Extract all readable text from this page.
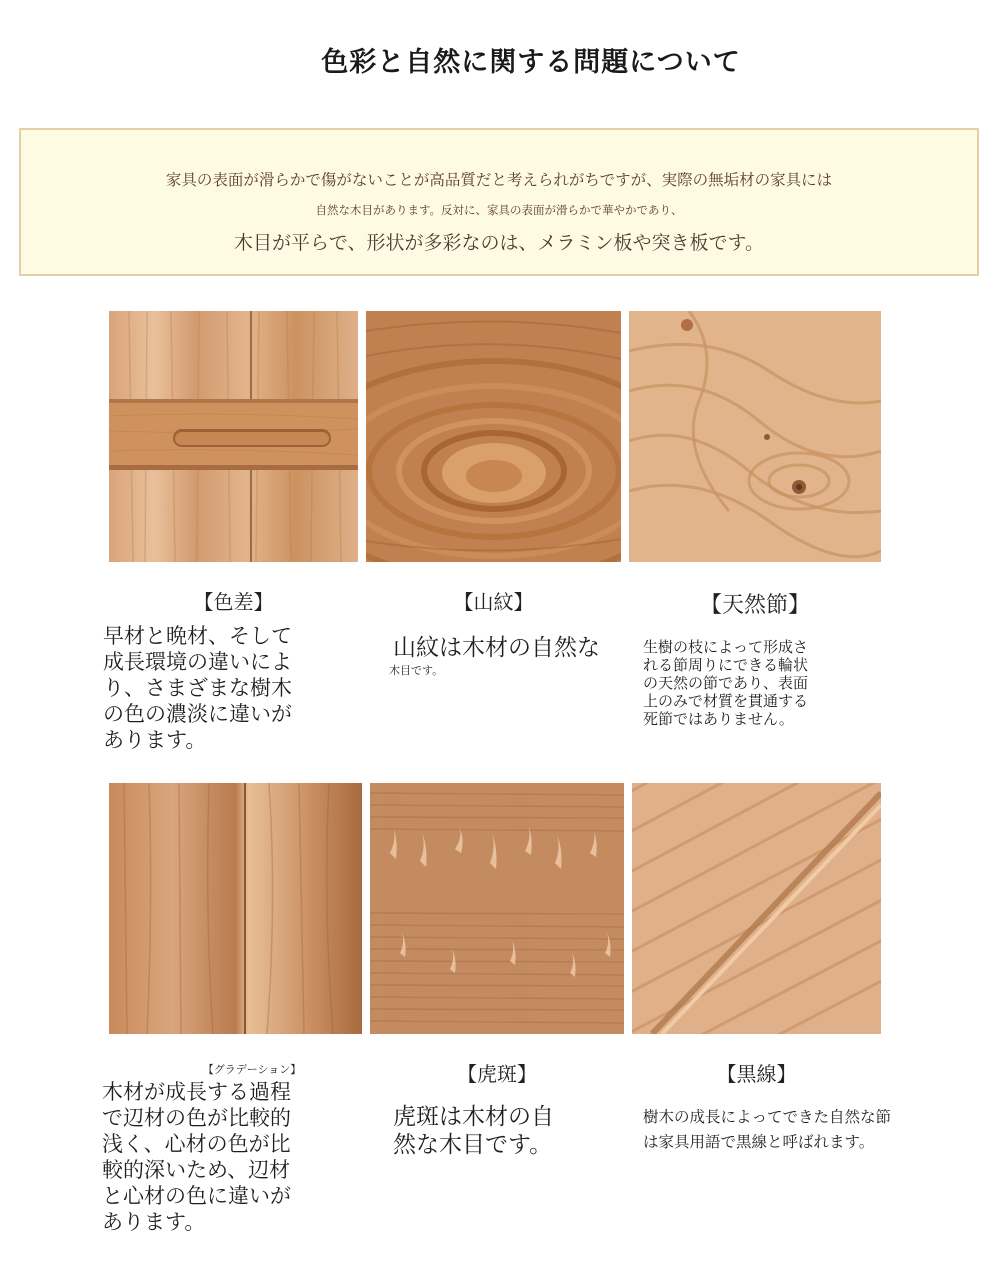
色彩と自然に関する問題について
家具の表面が滑らかで傷がないことが高品質だと考えられがちですが、実際の無垢材の家具には
自然な木目があります。反対に、家具の表面が滑らかで華やかであり、
木目が平らで、形状が多彩なのは、メラミン板や突き板です。
【色差】	【山紋】	【天然節】
早材と晩材、そして
成長環境の違いによ
り、さまざまな樹木
の色の濃淡に違いが
あります。
山紋は木材の自然な
木目です。
生樹の枝によって形成さ
れる節周りにできる輪状
の天然の節であり、表面
上のみで材質を貫通する
死節ではありません。
【グラデーション】	【虎斑】	【黒線】
木材が成長する過程
で辺材の色が比較的
浅く、心材の色が比
較的深いため、辺材
と心材の色に違いが
あります。
虎斑は木材の自
然な木目です。
樹木の成長によってできた自然な節
は家具用語で黒線と呼ばれます。
